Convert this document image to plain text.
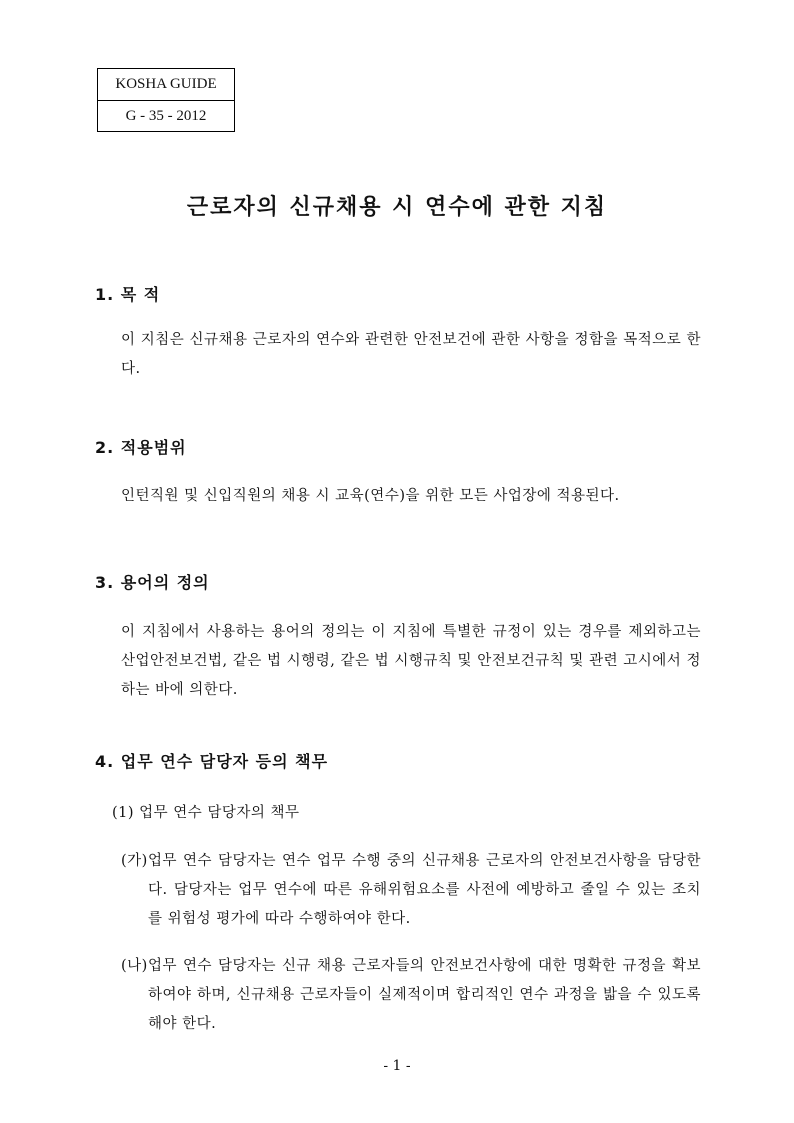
KOSHA GUIDE
G - 35 - 2012
근로자의 신규채용 시 연수에 관한 지침
1. 목 적
이 지침은 신규채용 근로자의 연수와 관련한 안전보건에 관한 사항을 정함을 목적으로 한다.
2. 적용범위
인턴직원 및 신입직원의 채용 시 교육(연수)을 위한 모든 사업장에 적용된다.
3. 용어의 정의
이 지침에서 사용하는 용어의 정의는 이 지침에 특별한 규정이 있는 경우를 제외하고는 산업안전보건법, 같은 법 시행령, 같은 법 시행규칙 및 안전보건규칙 및 관련 고시에서 정하는 바에 의한다.
4. 업무 연수 담당자 등의 책무
(1) 업무 연수 담당자의 책무
(가) 업무 연수 담당자는 연수 업무 수행 중의 신규채용 근로자의 안전보건사항을 담당한다. 담당자는 업무 연수에 따른 유해위험요소를 사전에 예방하고 줄일 수 있는 조치를 위험성 평가에 따라 수행하여야 한다.
(나) 업무 연수 담당자는 신규 채용 근로자들의 안전보건사항에 대한 명확한 규정을 확보하여야 하며, 신규채용 근로자들이 실제적이며 합리적인 연수 과정을 밟을 수 있도록 해야 한다.
- 1 -
